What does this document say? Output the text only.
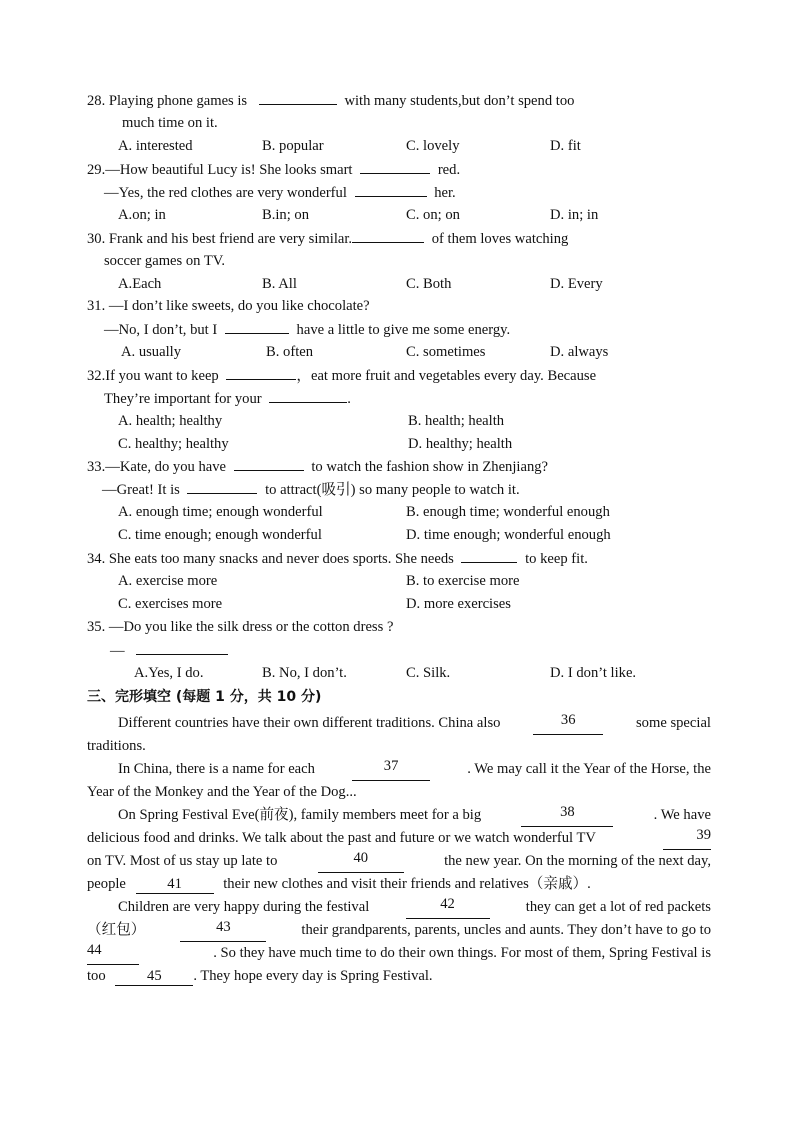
28. Playing phone games is	with many students,but don’t spend too
much time on it.
A. interested	B. popular	C. lovely	D. fit
29.—How beautiful Lucy is! She looks smart	red.
—Yes, the red clothes are very wonderful	her.
A.on; in	B.in; on	C. on; on	D. in; in
30. Frank and his best friend are very similar.	of them loves watching
soccer games on TV.
A.Each	B. All	C. Both	D. Every
31. —I don’t like sweets, do you like chocolate?
—No, I don’t, but I	have a little to give me some energy.
A. usually	B. often	C. sometimes	D. always
32.If you want to keep	，eat more fruit and vegetables every day. Because
They’re important for your	.
A. health; healthy	B. health; health
C. healthy; healthy	D. healthy; health
33.—Kate, do you have	to watch the fashion show in Zhenjiang?
—Great! It is	to attract(吸引) so many people to watch it.
A. enough time; enough wonderful	B. enough time; wonderful enough
C. time enough; enough wonderful	D. time enough; wonderful enough
34. She eats too many snacks and never does sports. She needs	to keep fit.
A. exercise more	B. to exercise more
C. exercises more	D. more exercises
35. —Do you like the silk dress or the cotton dress ?
—
A.Yes, I do.	B. No, I don’t.	C. Silk.	D. I don’t like.
三、完形填空 (每题 1 分，共 10 分)
Different countries have their own different traditions. China also	36	some special
traditions.
In China, there is a name for each	37	. We may call it the Year of the Horse, the
Year of the Monkey and the Year of the Dog...
On Spring Festival Eve(前夜), family members meet for a big	38	. We have
delicious food and drinks. We talk about the past and future or we watch wonderful TV	39
on TV. Most of us stay up late to	40	the new year. On the morning of the next day,
people	41	their new clothes and visit their friends and relatives（亲戚）.
Children are very happy during the festival	42	they can get a lot of red packets
（红包）	43	their grandparents, parents, uncles and aunts. They don’t have to go to
44	. So they have much time to do their own things. For most of them, Spring Festival is
too	45 . They hope every day is Spring Festival.
